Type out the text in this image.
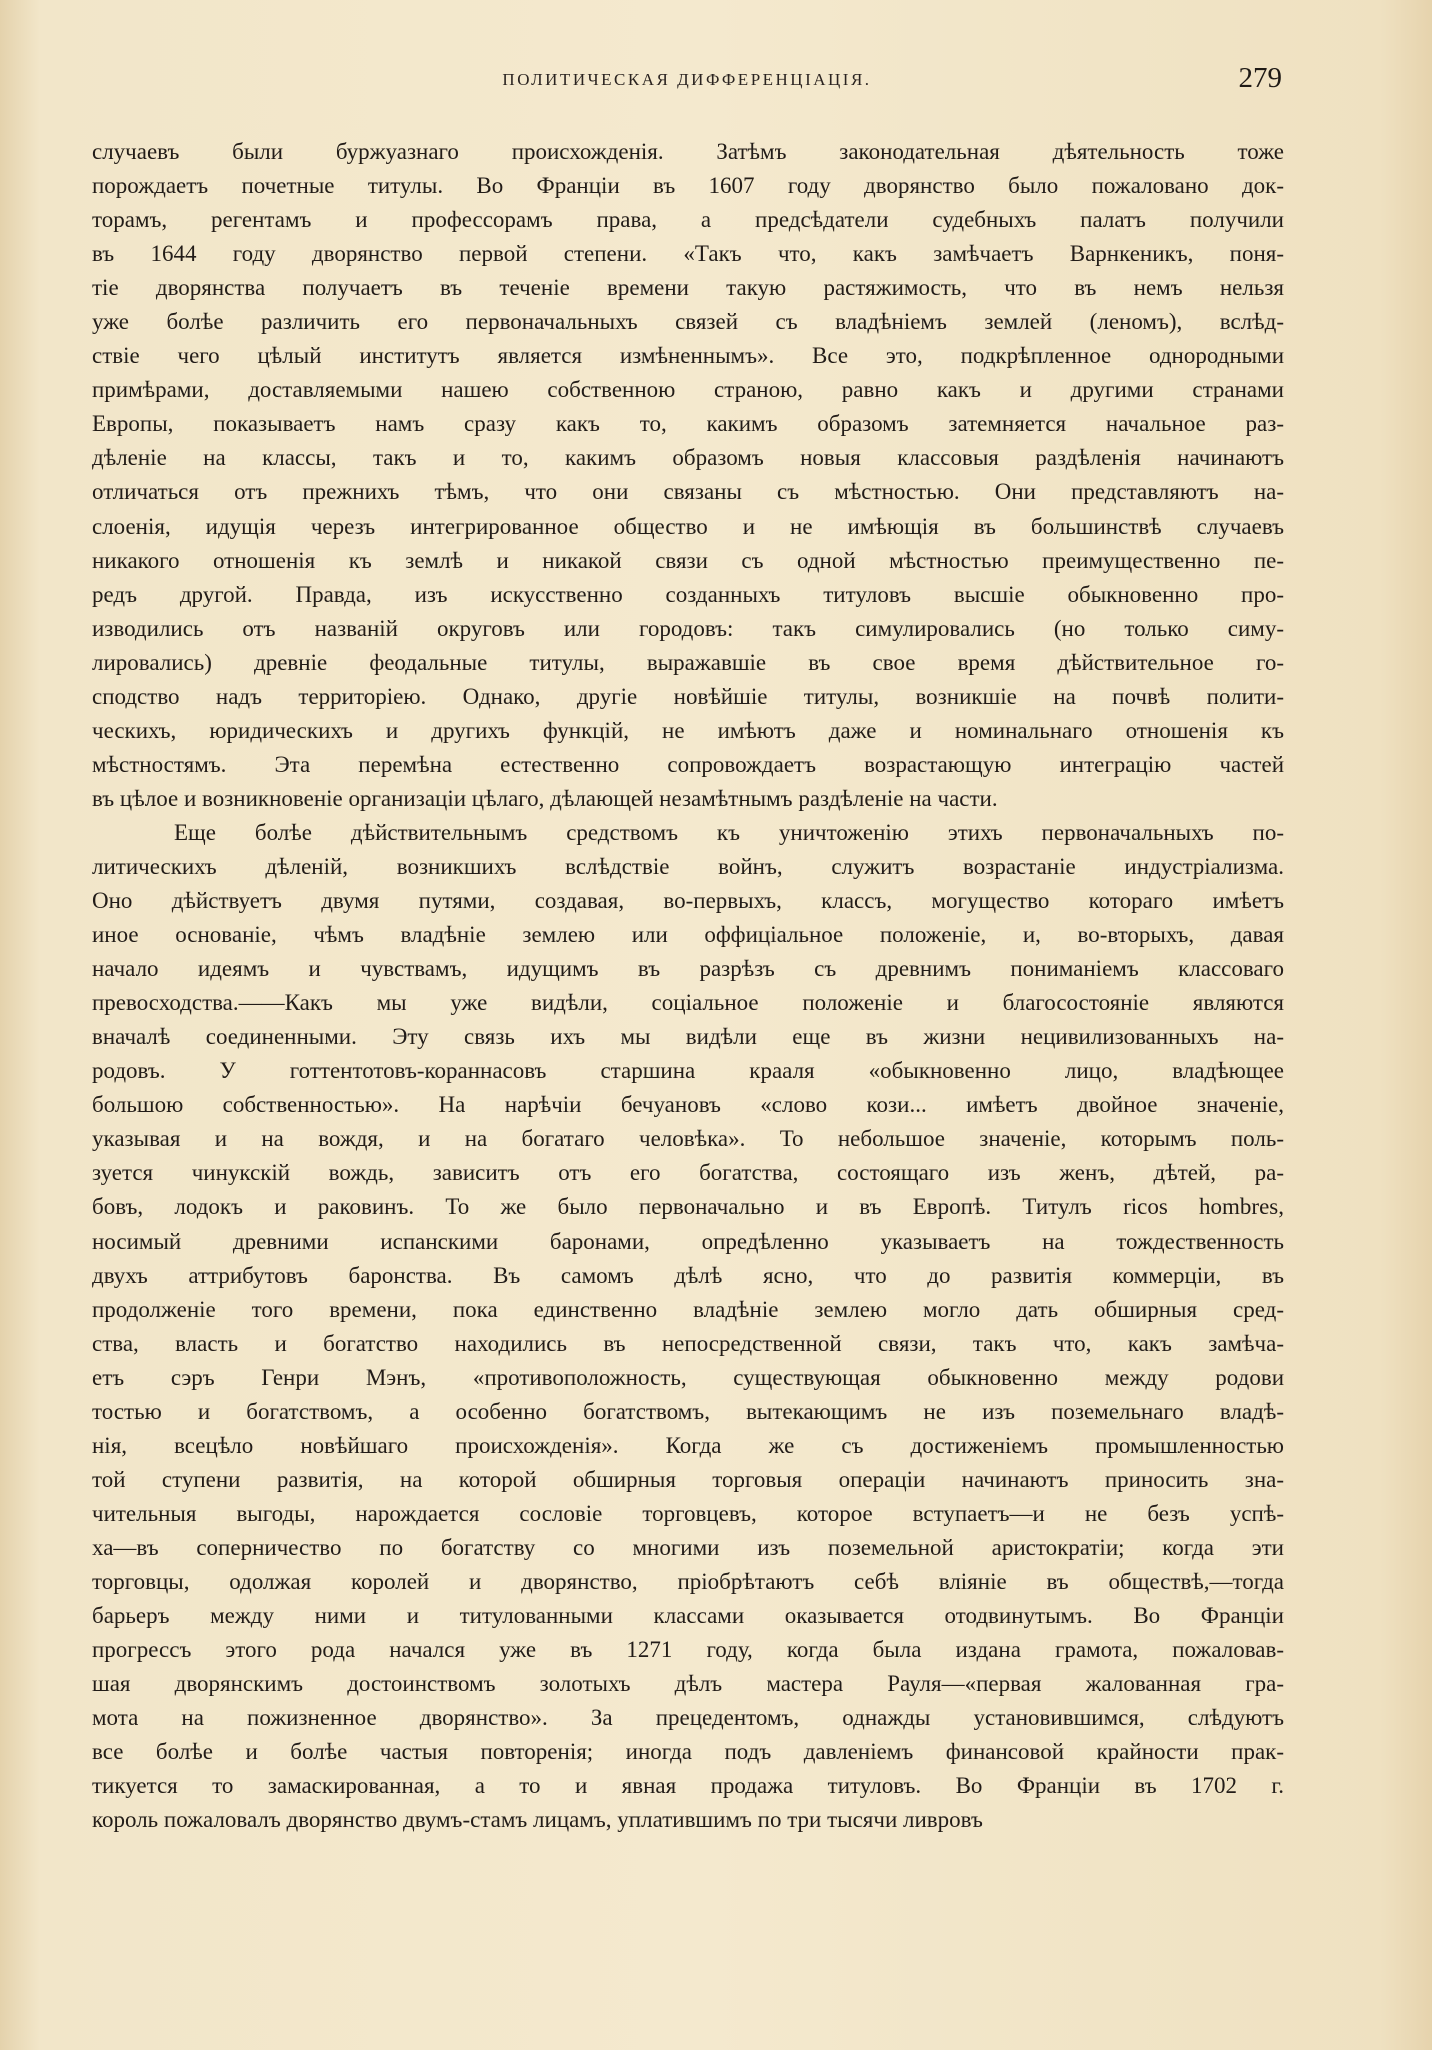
ПОЛИТИЧЕСКАЯ ДИФФЕРЕНЦІАЦІЯ.	279
случаевъ были буржуазнаго происхожденія. Затѣмъ законодательная дѣятельность тоже
порождаетъ почетные титулы. Во Франціи въ 1607 году дворянство было пожаловано док-
торамъ, регентамъ и профессорамъ права, а предсѣдатели судебныхъ палатъ получили
въ 1644 году дворянство первой степени. «Такъ что, какъ замѣчаетъ Варнкеникъ, поня-
тіе дворянства получаетъ въ теченіе времени такую растяжимость, что въ немъ нельзя
уже болѣе различить его первоначальныхъ связей съ владѣніемъ землей (леномъ), вслѣд-
ствіе чего цѣлый институтъ является измѣненнымъ». Все это, подкрѣпленное однородными
примѣрами, доставляемыми нашею собственною страною, равно какъ и другими странами
Европы, показываетъ намъ сразу какъ то, какимъ образомъ затемняется начальное раз-
дѣленіе на классы, такъ и то, какимъ образомъ новыя классовыя раздѣленія начинаютъ
отличаться отъ прежнихъ тѣмъ, что они связаны съ мѣстностью. Они представляютъ на-
слоенія, идущія черезъ интегрированное общество и не имѣющія въ большинствѣ случаевъ
никакого отношенія къ землѣ и никакой связи съ одной мѣстностью преимущественно пе-
редъ другой. Правда, изъ искусственно созданныхъ титуловъ высшіе обыкновенно про-
изводились отъ названій округовъ или городовъ: такъ симулировались (но только симу-
лировались) древніе феодальные титулы, выражавшіе въ свое время дѣйствительное го-
сподство надъ территоріею. Однако, другіе новѣйшіе титулы, возникшіе на почвѣ полити-
ческихъ, юридическихъ и другихъ функцій, не имѣютъ даже и номинальнаго отношенія къ
мѣстностямъ. Эта перемѣна естественно сопровождаетъ возрастающую интеграцію частей
въ цѣлое и возникновеніе организаціи цѣлаго, дѣлающей незамѣтнымъ раздѣленіе на части.
Еще болѣе дѣйствительнымъ средствомъ къ уничтоженію этихъ первоначальныхъ по-
литическихъ дѣленій, возникшихъ вслѣдствіе войнъ, служитъ возрастаніе индустріализма.
Оно дѣйствуетъ двумя путями, создавая, во-первыхъ, классъ, могущество котораго имѣетъ
иное основаніе, чѣмъ владѣніе землею или оффиціальное положеніе, и, во-вторыхъ, давая
начало идеямъ и чувствамъ, идущимъ въ разрѣзъ съ древнимъ пониманіемъ классоваго
превосходства.——Какъ мы уже видѣли, соціальное положеніе и благосостояніе являются
вначалѣ соединенными. Эту связь ихъ мы видѣли еще въ жизни нецивилизованныхъ на-
родовъ. У готтентотовъ-кораннасовъ старшина крааля «обыкновенно лицо, владѣющее
большою собственностью». На нарѣчіи бечуановъ «слово кози... имѣетъ двойное значеніе,
указывая и на вождя, и на богатаго человѣка». То небольшое значеніе, которымъ поль-
зуется чинукскій вождь, зависитъ отъ его богатства, состоящаго изъ женъ, дѣтей, ра-
бовъ, лодокъ и раковинъ. То же было первоначально и въ Европѣ. Титулъ ricos hombres,
носимый древними испанскими баронами, опредѣленно указываетъ на тождественность
двухъ аттрибутовъ баронства. Въ самомъ дѣлѣ ясно, что до развитія коммерціи, въ
продолженіе того времени, пока единственно владѣніе землею могло дать обширныя сред-
ства, власть и богатство находились въ непосредственной связи, такъ что, какъ замѣча-
етъ сэръ Генри Мэнъ, «противоположность, существующая обыкновенно между родови
тостью и богатствомъ, а особенно богатствомъ, вытекающимъ не изъ поземельнаго владѣ-
нія, всецѣло новѣйшаго происхожденія». Когда же съ достиженіемъ промышленностью
той ступени развитія, на которой обширныя торговыя операціи начинаютъ приносить зна-
чительныя выгоды, нарождается сословіе торговцевъ, которое вступаетъ—и не безъ успѣ-
ха—въ соперничество по богатству со многими изъ поземельной аристократіи; когда эти
торговцы, одолжая королей и дворянство, пріобрѣтаютъ себѣ вліяніе въ обществѣ,—тогда
барьеръ между ними и титулованными классами оказывается отодвинутымъ. Во Франціи
прогрессъ этого рода начался уже въ 1271 году, когда была издана грамота, пожаловав-
шая дворянскимъ достоинствомъ золотыхъ дѣлъ мастера Рауля—«первая жалованная гра-
мота на пожизненное дворянство». За прецедентомъ, однажды установившимся, слѣдуютъ
все болѣе и болѣе частыя повторенія; иногда подъ давленіемъ финансовой крайности прак-
тикуется то замаскированная, а то и явная продажа титуловъ. Во Франціи въ 1702 г.
король пожаловалъ дворянство двумъ-стамъ лицамъ, уплатившимъ по три тысячи ливровъ
